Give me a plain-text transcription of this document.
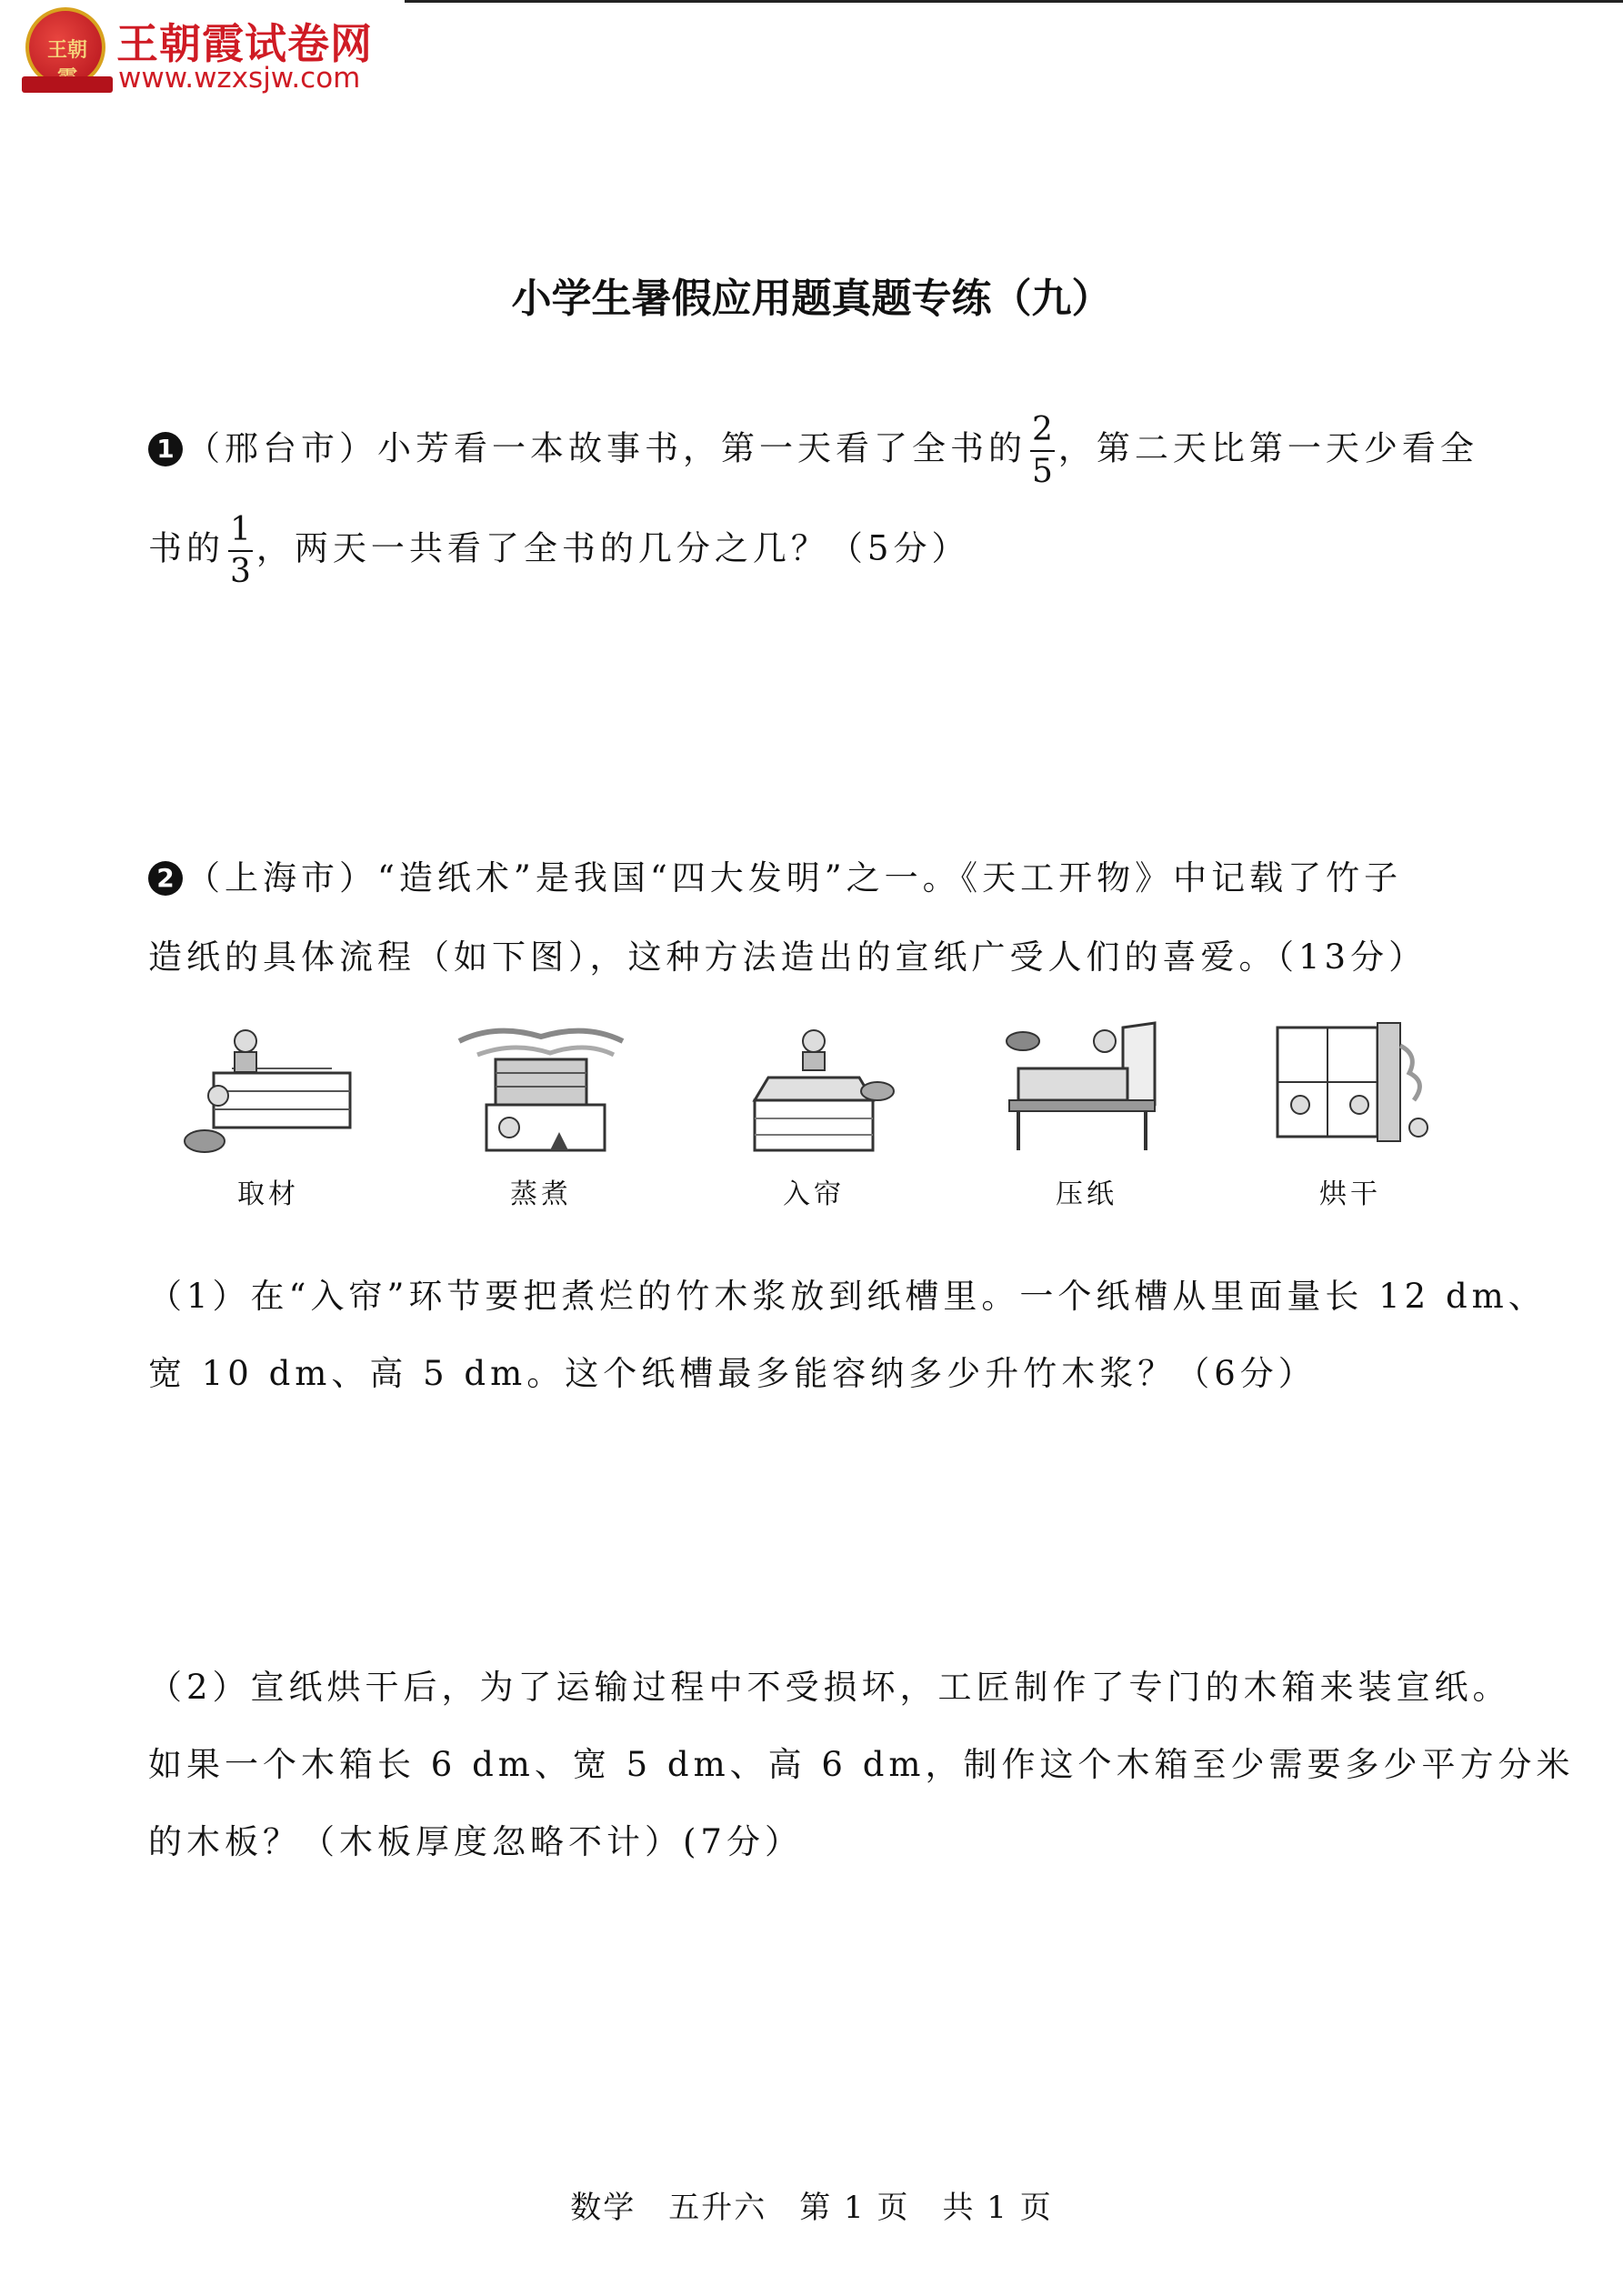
王朝 王朝霞试卷网
www.wzxsjw.com
小学生暑假应用题真题专练（九）
1 （邢台市）小芳看一本故事书，第一天看了全书的 $\frac{2}{5}$ ，第二天比第一天少看全
书的 $\frac{1}{3}$ ，两天一共看了全书的几分之几？（5分）
2 （上海市）“造纸术”是我国“四大发明”之一。《天工开物》中记载了竹子
造纸的具体流程（如下图），这种方法造出的宣纸广受人们的喜爱。（13分）
取材	蒸煮	入帘	压纸	烘干
（1）在“入帘”环节要把煮烂的竹木浆放到纸槽里。一个纸槽从里面量长 12 dm、
宽 10 dm、高 5 dm。这个纸槽最多能容纳多少升竹木浆？（6分）
（2）宣纸烘干后，为了运输过程中不受损坏，工匠制作了专门的木箱来装宣纸。
如果一个木箱长 6 dm、宽 5 dm、高 6 dm，制作这个木箱至少需要多少平方分米
的木板？（木板厚度忽略不计）(7分）
数学　五升六　第 1 页　共 1 页
